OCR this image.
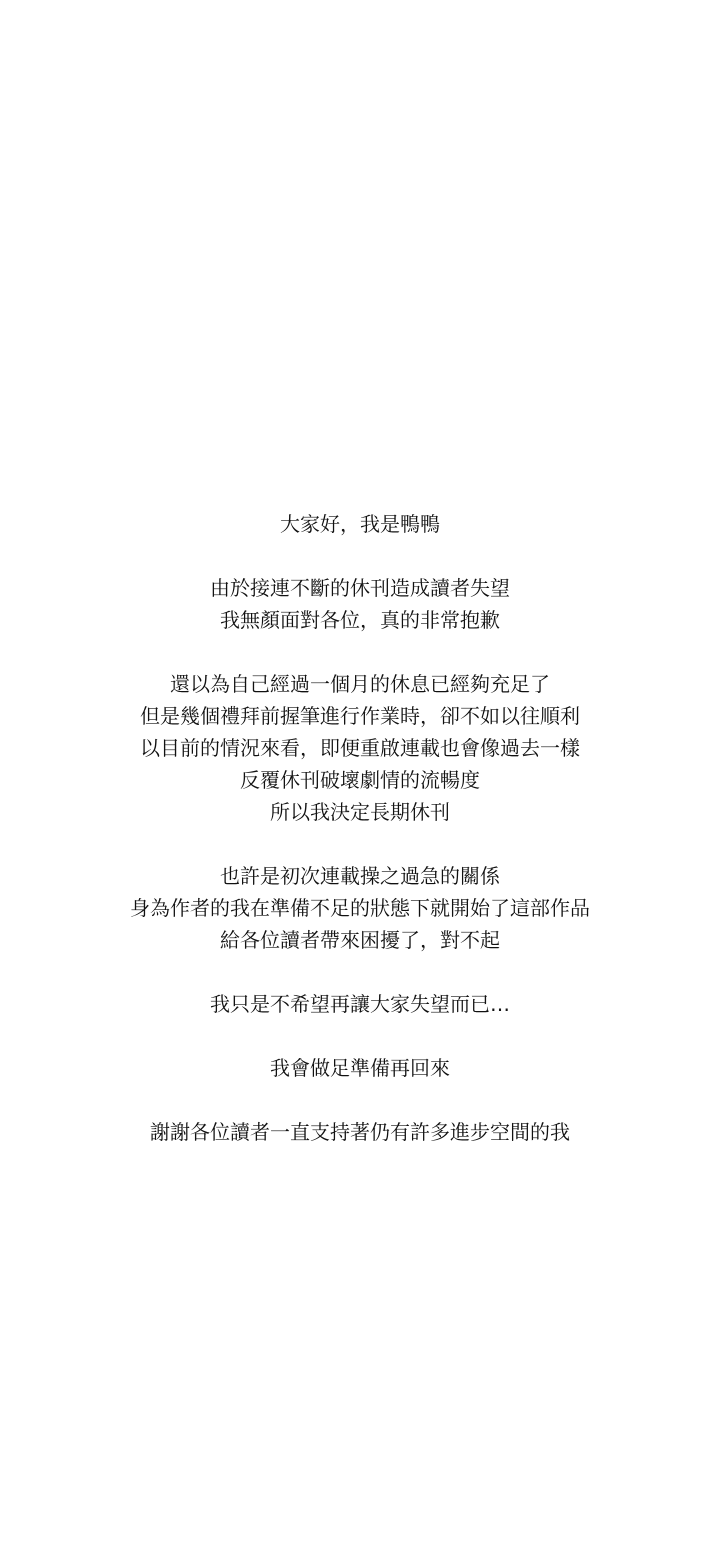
大家好，我是鴨鴨

由於接連不斷的休刊造成讀者失望

我無顏面對各位，真的非常抱歉

還以為自己經過一個月的休息已經夠充足了

但是幾個禮拜前握筆進行作業時，卻不如以往順利

以目前的情況來看，即便重啟連載也會像過去一樣

反覆休刊破壞劇情的流暢度

所以我決定長期休刊

也許是初次連載操之過急的關係

身為作者的我在準備不足的狀態下就開始了這部作品

給各位讀者帶來困擾了，對不起

我只是不希望再讓大家失望而已…

我會做足準備再回來

謝謝各位讀者一直支持著仍有許多進步空間的我
